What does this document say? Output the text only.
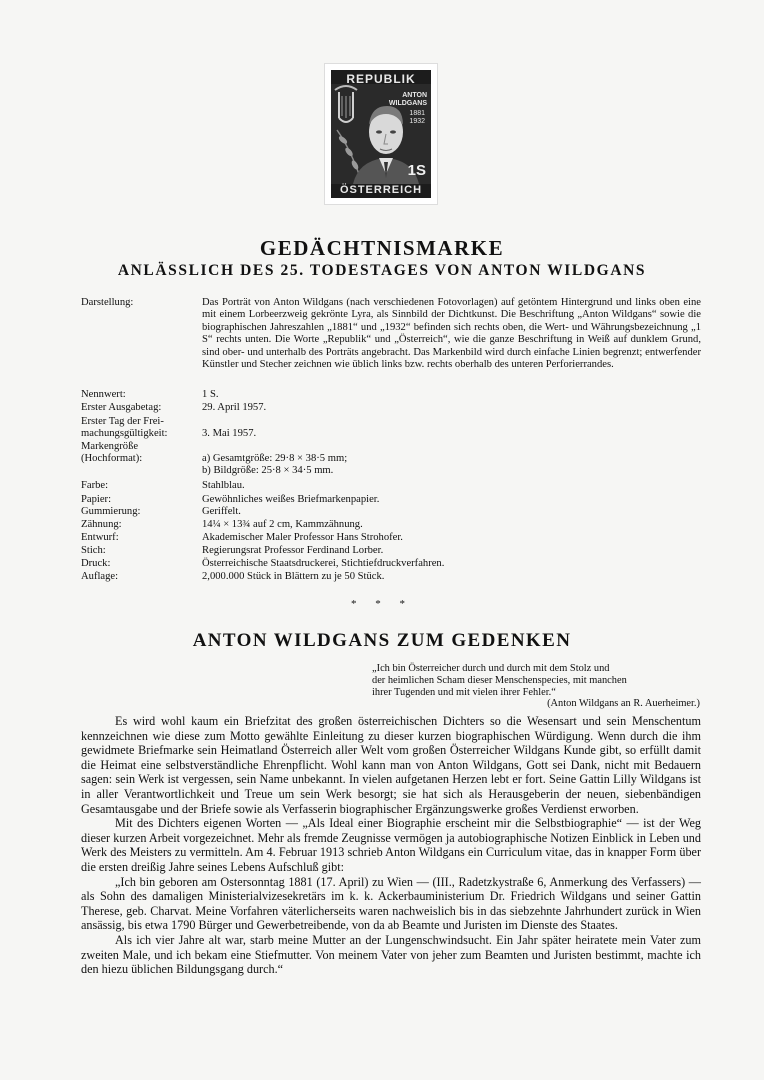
REPUBLIK
ANTON
WILDGANS
1881
1932
1S
ÖSTERREICH
GEDÄCHTNISMARKE
ANLÄSSLICH DES 25. TODESTAGES VON ANTON WILDGANS
Darstellung:	Das Porträt von Anton Wildgans (nach verschiedenen Fotovorlagen) auf getöntem Hintergrund und links oben eine mit einem Lorbeerzweig gekrönte Lyra, als Sinnbild der Dichtkunst. Die Beschriftung „Anton Wildgans“ sowie die biographischen Jahreszahlen „1881“ und „1932“ befinden sich rechts oben, die Wert- und Währungsbezeichnung „1 S“ rechts unten. Die Worte „Republik“ und „Österreich“, wie die ganze Beschriftung in Weiß auf dunklem Grund, sind ober- und unterhalb des Porträts angebracht. Das Markenbild wird durch einfache Linien begrenzt; entwerfender Künstler und Stecher zeichnen wie üblich links bzw. rechts oberhalb des unteren Perforierrandes.
Nennwert:	1 S.
Erster Ausgabetag:	29. April 1957.
Erster Tag der Frei-
machungsgültigkeit:	3. Mai 1957.
Markengröße
(Hochformat):	a) Gesamtgröße: 29·8 × 38·5 mm;
b) Bildgröße: 25·8 × 34·5 mm.
Farbe:	Stahlblau.
Papier:	Gewöhnliches weißes Briefmarkenpapier.
Gummierung:	Geriffelt.
Zähnung:	14¼ × 13¾ auf 2 cm, Kammzähnung.
Entwurf:	Akademischer Maler Professor Hans Strohofer.
Stich:	Regierungsrat Professor Ferdinand Lorber.
Druck:	Österreichische Staatsdruckerei, Stichtiefdruckverfahren.
Auflage:	2,000.000 Stück in Blättern zu je 50 Stück.
* * *
ANTON WILDGANS ZUM GEDENKEN
„Ich bin Österreicher durch und durch mit dem Stolz und
der heimlichen Scham dieser Menschenspecies, mit manchen
ihrer Tugenden und mit vielen ihrer Fehler.“
(Anton Wildgans an R. Auerheimer.)

Es wird wohl kaum ein Briefzitat des großen österreichischen Dichters so die Wesensart und sein Menschentum kennzeichnen wie diese zum Motto gewählte Einleitung zu dieser kurzen biographischen Würdigung. Wenn durch die ihm gewidmete Briefmarke sein Heimatland Österreich aller Welt vom großen Österreicher Wildgans Kunde gibt, so erfüllt damit die Heimat eine selbstverständliche Ehrenpflicht. Wohl kann man von Anton Wildgans, Gott sei Dank, nicht mit Bedauern sagen: sein Werk ist vergessen, sein Name unbekannt. In vielen aufgetanen Herzen lebt er fort. Seine Gattin Lilly Wildgans ist in aller Verantwortlichkeit und Treue um sein Werk besorgt; sie hat sich als Herausgeberin der neuen, siebenbändigen Gesamtausgabe und der Briefe sowie als Verfasserin biographischer Ergänzungswerke großes Verdienst erworben.

Mit des Dichters eigenen Worten — „Als Ideal einer Biographie erscheint mir die Selbstbiographie“ — ist der Weg dieser kurzen Arbeit vorgezeichnet. Mehr als fremde Zeugnisse vermögen ja autobiographische Notizen Einblick in Leben und Werk des Meisters zu vermitteln. Am 4. Februar 1913 schrieb Anton Wildgans ein Curriculum vitae, das in knapper Form über die ersten dreißig Jahre seines Lebens Aufschluß gibt:

„Ich bin geboren am Ostersonntag 1881 (17. April) zu Wien — (III., Radetzkystraße 6, Anmerkung des Verfassers) — als Sohn des damaligen Ministerialvizesekretärs im k. k. Ackerbauministerium Dr. Friedrich Wildgans und seiner Gattin Therese, geb. Charvat. Meine Vorfahren väterlicherseits waren nachweislich bis in das siebzehnte Jahrhundert zurück in Wien ansässig, bis etwa 1790 Bürger und Gewerbetreibende, von da ab Beamte und Juristen im Dienste des Staates.

Als ich vier Jahre alt war, starb meine Mutter an der Lungenschwindsucht. Ein Jahr später heiratete mein Vater zum zweiten Male, und ich bekam eine Stiefmutter. Von meinem Vater von jeher zum Beamten und Juristen bestimmt, machte ich den hiezu üblichen Bildungsgang durch.“
